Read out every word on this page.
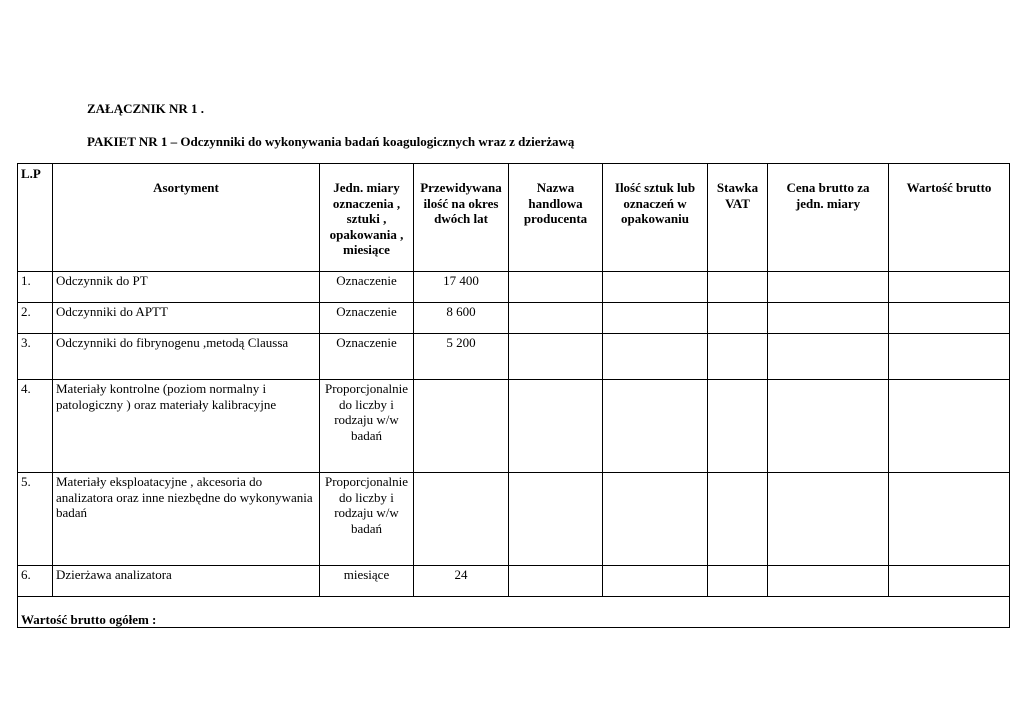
ZAŁĄCZNIK NR 1 .
PAKIET NR 1 – Odczynniki do wykonywania badań koagulogicznych wraz z dzierżawą
L.P	Asortyment	Jedn. miary oznaczenia , sztuki , opakowania , miesiące	Przewidywana ilość na okres dwóch lat	Nazwa handlowa producenta	Ilość sztuk lub oznaczeń w opakowaniu	Stawka VAT	Cena brutto za jedn. miary	Wartość brutto
1.	Odczynnik do PT	Oznaczenie	17 400					
2.	Odczynniki do APTT	Oznaczenie	8 600					
3.	Odczynniki do fibrynogenu ,metodą Claussa	Oznaczenie	5 200					
4.	Materiały kontrolne (poziom normalny i patologiczny ) oraz materiały kalibracyjne	Proporcjonalnie do liczby i rodzaju w/w badań						
5.	Materiały eksploatacyjne , akcesoria do analizatora oraz inne niezbędne do wykonywania badań	Proporcjonalnie do liczby i rodzaju w/w badań						
6.	Dzierżawa analizatora	miesiące	24					
Wartość brutto ogółem :								
